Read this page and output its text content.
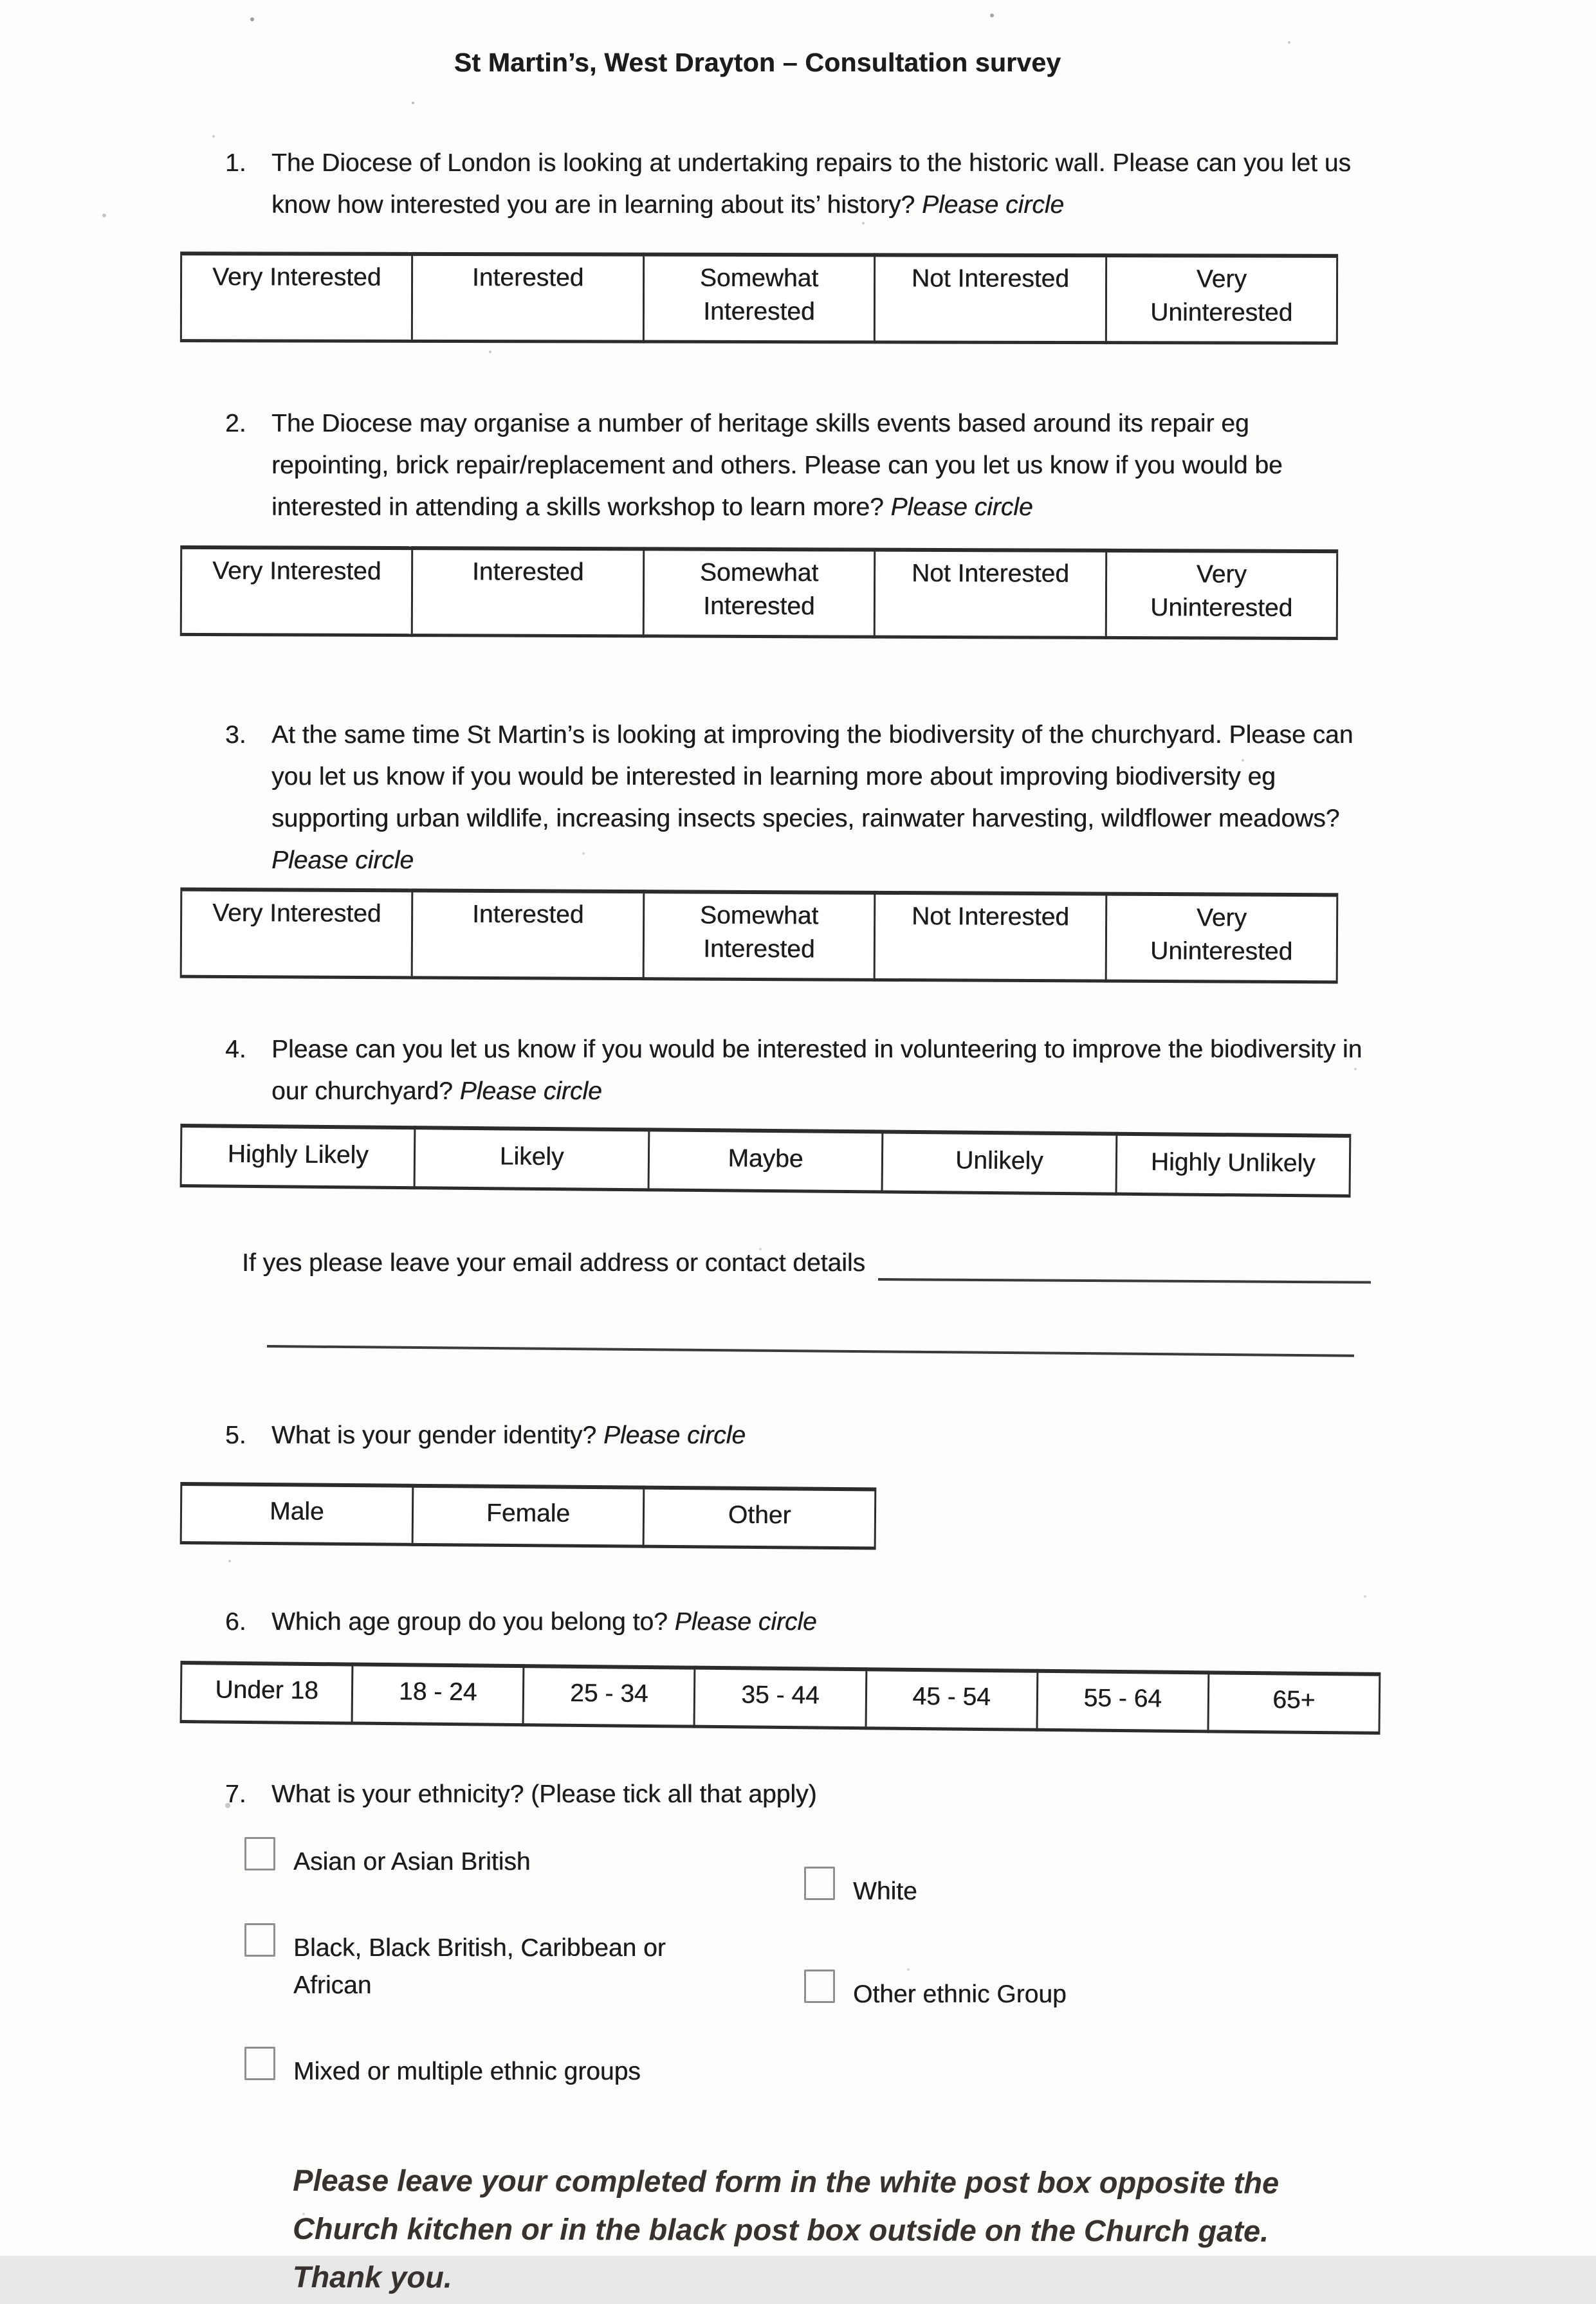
St Martin’s, West Drayton – Consultation survey
1.	The Diocese of London is looking at undertaking repairs to the historic wall. Please can you let us know how interested you are in learning about its’ history? Please circle

Very Interested	Interested	Somewhat Interested	Not Interested	Very Uninterested
2.	The Diocese may organise a number of heritage skills events based around its repair eg repointing, brick repair/replacement and others. Please can you let us know if you would be interested in attending a skills workshop to learn more? Please circle

Very Interested	Interested	Somewhat Interested	Not Interested	Very Uninterested
3.	At the same time St Martin’s is looking at improving the biodiversity of the churchyard. Please can you let us know if you would be interested in learning more about improving biodiversity eg supporting urban wildlife, increasing insects species, rainwater harvesting, wildflower meadows? Please circle

Very Interested	Interested	Somewhat Interested	Not Interested	Very Uninterested
4.	Please can you let us know if you would be interested in volunteering to improve the biodiversity in our churchyard? Please circle

Highly Likely	Likely	Maybe	Unlikely	Highly Unlikely
If yes please leave your email address or contact details
5.	What is your gender identity? Please circle

Male	Female	Other
6.	Which age group do you belong to? Please circle

Under 18	18 - 24	25 - 34	35 - 44	45 - 54	55 - 64	65+
7.	What is your ethnicity? (Please tick all that apply)

Asian or Asian British
Black, Black British, Caribbean or African
Mixed or multiple ethnic groups
White
Other ethnic Group

Please leave your completed form in the white post box opposite the Church kitchen or in the black post box outside on the Church gate. Thank you.
